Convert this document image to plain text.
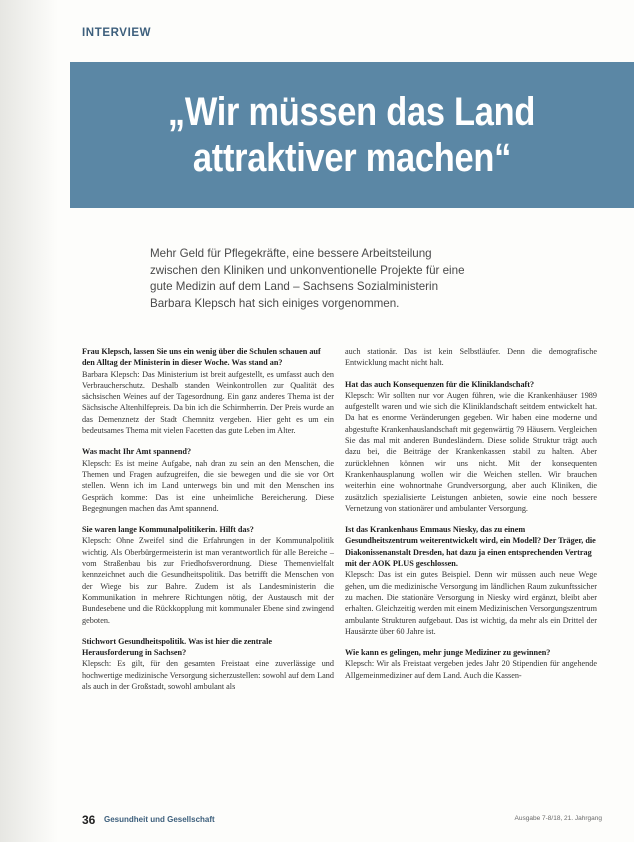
INTERVIEW
„Wir müssen das Land
attraktiver machen“
Mehr Geld für Pflegekräfte, eine bessere Arbeitsteilung zwischen den Kliniken und unkonventionelle Projekte für eine gute Medizin auf dem Land – Sachsens Sozialministerin Barbara Klepsch hat sich einiges vorgenommen.

Frau Klepsch, lassen Sie uns ein wenig über die Schulen schauen auf den Alltag der Ministerin in dieser Woche. Was stand an?

Barbara Klepsch: Das Ministerium ist breit aufgestellt, es umfasst auch den Verbraucherschutz. Deshalb standen Weinkontrollen zur Qualität des sächsischen Weines auf der Tagesordnung. Ein ganz anderes Thema ist der Sächsische Altenhilfepreis. Da bin ich die Schirmherrin. Der Preis wurde an das Demenznetz der Stadt Chemnitz vergeben. Hier geht es um ein bedeutsames Thema mit vielen Facetten das gute Leben im Alter.

Was macht Ihr Amt spannend?

Klepsch: Es ist meine Aufgabe, nah dran zu sein an den Menschen, die Themen und Fragen aufzugreifen, die sie bewegen und die sie vor Ort stellen. Wenn ich im Land unterwegs bin und mit den Menschen ins Gespräch komme: Das ist eine unheimliche Bereicherung. Diese Begegnungen machen das Amt spannend.

Sie waren lange Kommunalpolitikerin. Hilft das?

Klepsch: Ohne Zweifel sind die Erfahrungen in der Kommunalpolitik wichtig. Als Oberbürgermeisterin ist man verantwortlich für alle Bereiche – vom Straßenbau bis zur Friedhofsverordnung. Diese Themenvielfalt kennzeichnet auch die Gesundheitspolitik. Das betrifft die Menschen von der Wiege bis zur Bahre. Zudem ist als Landesministerin die Kommunikation in mehrere Richtungen nötig, der Austausch mit der Bundesebene und die Rückkopplung mit kommunaler Ebene sind zwingend geboten.

Stichwort Gesundheitspolitik. Was ist hier die zentrale Herausforderung in Sachsen?

Klepsch: Es gilt, für den gesamten Freistaat eine zuverlässige und hochwertige medizinische Versorgung sicherzustellen: sowohl auf dem Land als auch in der Großstadt, sowohl ambulant als

auch stationär. Das ist kein Selbstläufer. Denn die demografische Entwicklung macht nicht halt.

Hat das auch Konsequenzen für die Kliniklandschaft?

Klepsch: Wir sollten nur vor Augen führen, wie die Krankenhäuser 1989 aufgestellt waren und wie sich die Kliniklandschaft seitdem entwickelt hat. Da hat es enorme Veränderungen gegeben. Wir haben eine moderne und abgestufte Krankenhauslandschaft mit gegenwärtig 79 Häusern. Vergleichen Sie das mal mit anderen Bundesländern. Diese solide Struktur trägt auch dazu bei, die Beiträge der Krankenkassen stabil zu halten. Aber zurücklehnen können wir uns nicht. Mit der konsequenten Krankenhausplanung wollen wir die Weichen stellen. Wir brauchen weiterhin eine wohnortnahe Grundversorgung, aber auch Kliniken, die zusätzlich spezialisierte Leistungen anbieten, sowie eine noch bessere Vernetzung von stationärer und ambulanter Versorgung.

Ist das Krankenhaus Emmaus Niesky, das zu einem Gesundheitszentrum weiterentwickelt wird, ein Modell? Der Träger, die Diakonissenanstalt Dresden, hat dazu ja einen entsprechenden Vertrag mit der AOK PLUS geschlossen.

Klepsch: Das ist ein gutes Beispiel. Denn wir müssen auch neue Wege gehen, um die medizinische Versorgung im ländlichen Raum zukunftssicher zu machen. Die stationäre Versorgung in Niesky wird ergänzt, bleibt aber erhalten. Gleichzeitig werden mit einem Medizinischen Versorgungszentrum ambulante Strukturen aufgebaut. Das ist wichtig, da mehr als ein Drittel der Hausärzte über 60 Jahre ist.

Wie kann es gelingen, mehr junge Mediziner zu gewinnen?

Klepsch: Wir als Freistaat vergeben jedes Jahr 20 Stipendien für angehende Allgemeinmediziner auf dem Land. Auch die Kassen-

36 Gesundheit und Gesellschaft	Ausgabe 7-8/18, 21. Jahrgang
